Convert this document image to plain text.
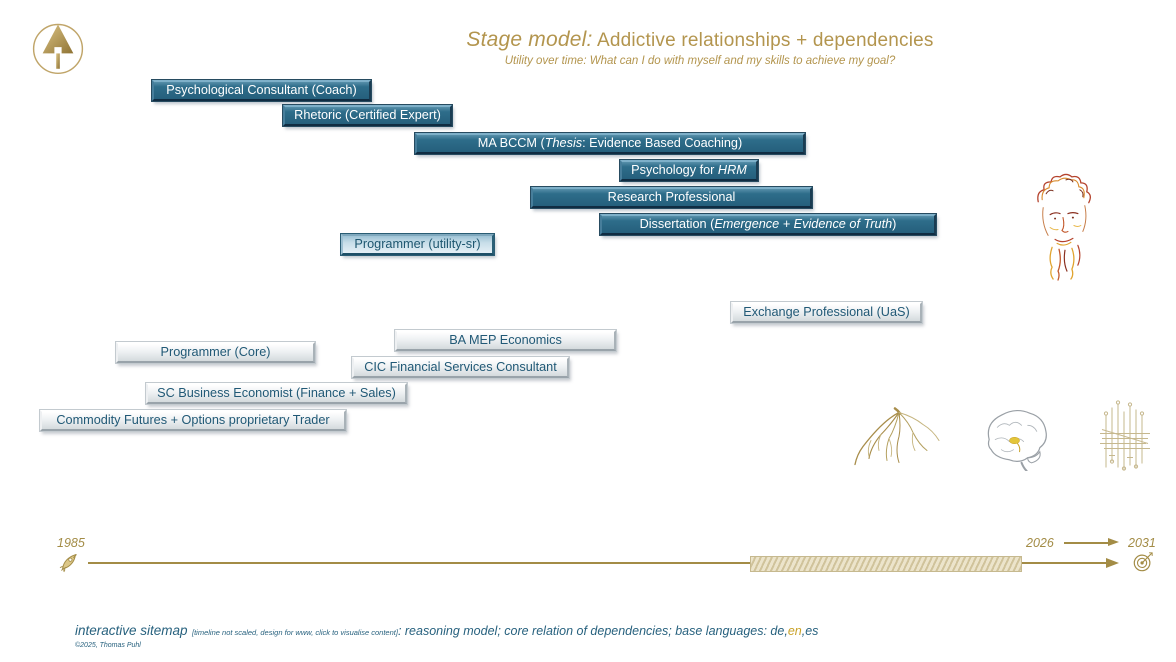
Stage model: Addictive relationships + dependencies
Utility over time: What can I do with myself and my skills to achieve my goal?
Psychological Consultant (Coach)
Rhetoric (Certified Expert)
MA BCCM (Thesis: Evidence Based Coaching)
Psychology for HRM
Research Professional
Dissertation (Emergence + Evidence of Truth)
Programmer (utility-sr)
Exchange Professional (UaS)
BA MEP Economics
Programmer (Core)
CIC Financial Services Consultant
SC Business Economist (Finance + Sales)
Commodity Futures + Options proprietary Trader
1985	2026	2031
interactive sitemap [timeline not scaled, design for www, click to visualise content]: reasoning model; core relation of dependencies; base languages: de,en,es
©2025, Thomas Puhl
